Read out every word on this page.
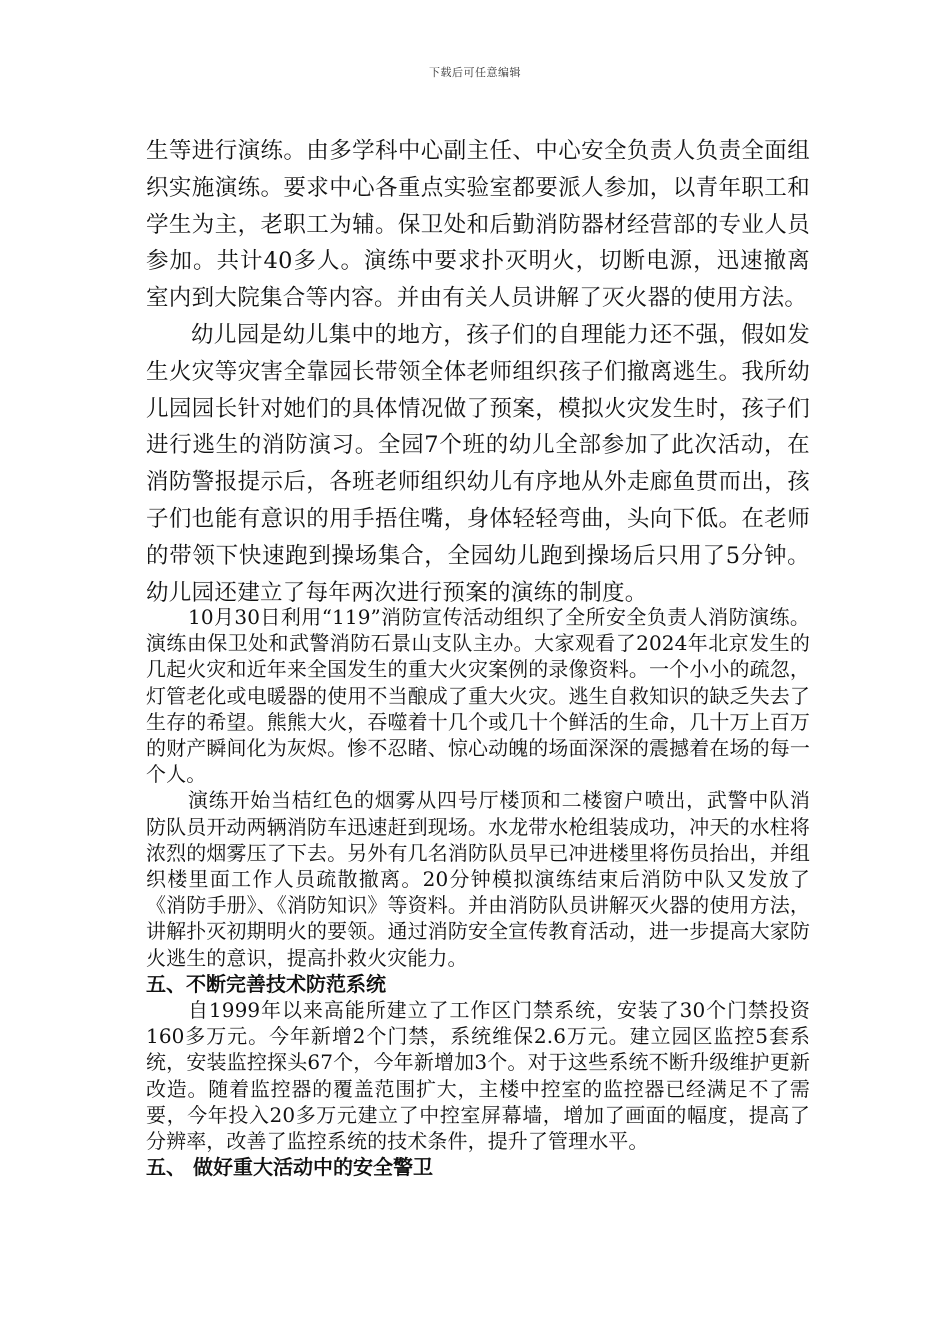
下载后可任意编辑

生等进行演练。由多学科中心副主任、中心安全负责人负责全面组织实施演练。要求中心各重点实验室都要派人参加，以青年职工和学生为主，老职工为辅。保卫处和后勤消防器材经营部的专业人员参加。共计40多人。演练中要求扑灭明火，切断电源，迅速撤离室内到大院集合等内容。并由有关人员讲解了灭火器的使用方法。

幼儿园是幼儿集中的地方，孩子们的自理能力还不强，假如发生火灾等灾害全靠园长带领全体老师组织孩子们撤离逃生。我所幼儿园园长针对她们的具体情况做了预案，模拟火灾发生时，孩子们进行逃生的消防演习。全园7个班的幼儿全部参加了此次活动，在消防警报提示后，各班老师组织幼儿有序地从外走廊鱼贯而出，孩子们也能有意识的用手捂住嘴，身体轻轻弯曲，头向下低。在老师的带领下快速跑到操场集合，全园幼儿跑到操场后只用了5分钟。幼儿园还建立了每年两次进行预案的演练的制度。

10月30日利用“119”消防宣传活动组织了全所安全负责人消防演练。演练由保卫处和武警消防石景山支队主办。大家观看了2024年北京发生的几起火灾和近年来全国发生的重大火灾案例的录像资料。一个小小的疏忽，灯管老化或电暖器的使用不当酿成了重大火灾。逃生自救知识的缺乏失去了生存的希望。熊熊大火，吞噬着十几个或几十个鲜活的生命，几十万上百万的财产瞬间化为灰烬。惨不忍睹、惊心动魄的场面深深的震撼着在场的每一个人。

演练开始当桔红色的烟雾从四号厅楼顶和二楼窗户喷出，武警中队消防队员开动两辆消防车迅速赶到现场。水龙带水枪组装成功，冲天的水柱将浓烈的烟雾压了下去。另外有几名消防队员早已冲进楼里将伤员抬出，并组织楼里面工作人员疏散撤离。20分钟模拟演练结束后消防中队又发放了《消防手册》、《消防知识》等资料。并由消防队员讲解灭火器的使用方法，讲解扑灭初期明火的要领。通过消防安全宣传教育活动，进一步提高大家防火逃生的意识，提高扑救火灾能力。

五、不断完善技术防范系统

自1999年以来高能所建立了工作区门禁系统，安装了30个门禁投资160多万元。今年新增2个门禁，系统维保2.6万元。建立园区监控5套系统，安装监控探头67个，今年新增加3个。对于这些系统不断升级维护更新改造。随着监控器的覆盖范围扩大，主楼中控室的监控器已经满足不了需要，今年投入20多万元建立了中控室屏幕墙，增加了画面的幅度，提高了分辨率，改善了监控系统的技术条件，提升了管理水平。

五、 做好重大活动中的安全警卫
